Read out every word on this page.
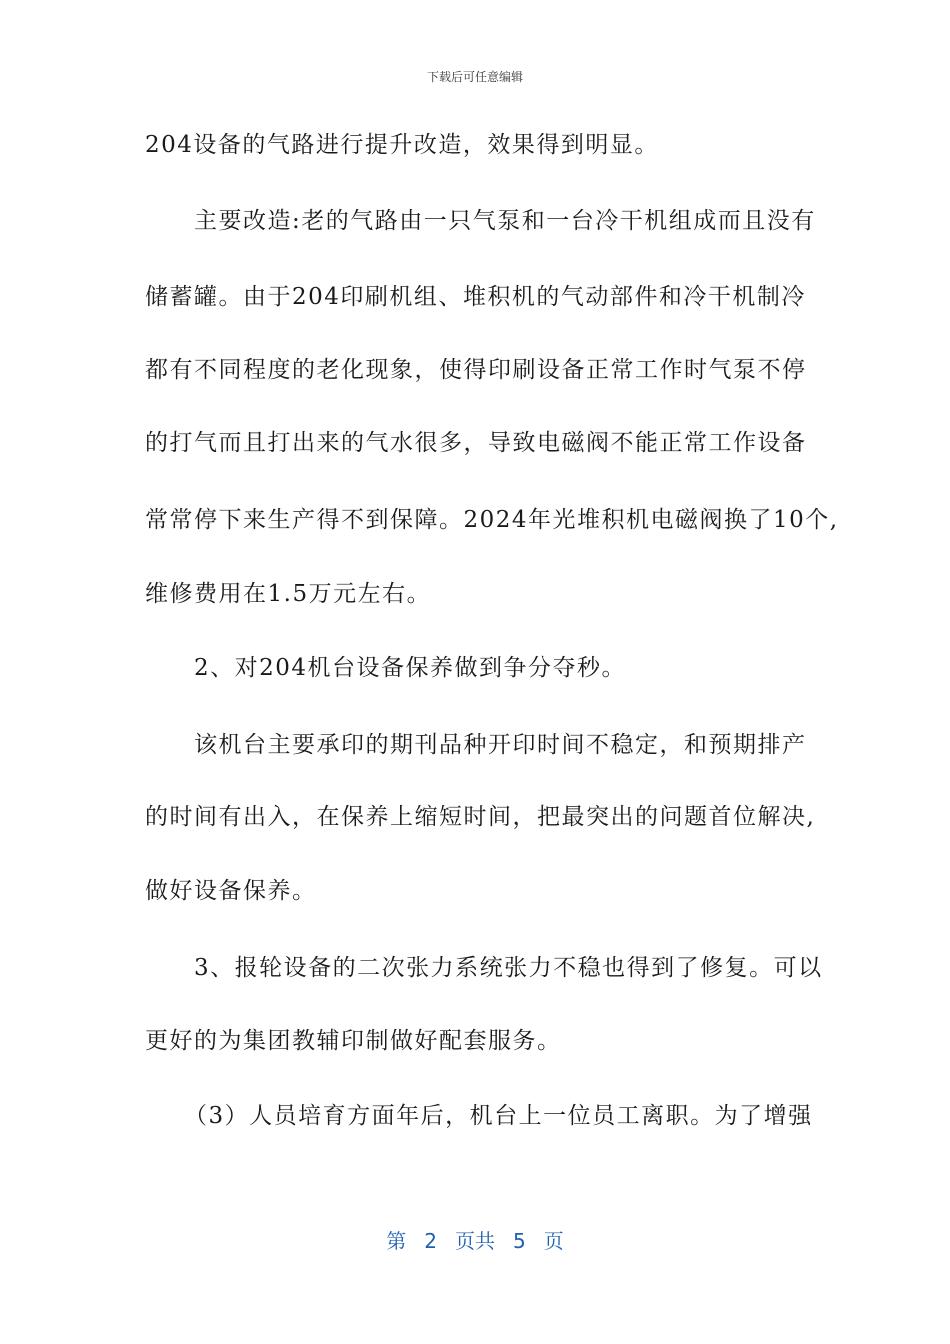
下载后可任意编辑
204设备的气路进行提升改造，效果得到明显。
主要改造:老的气路由一只气泵和一台冷干机组成而且没有
储蓄罐。由于204印刷机组、堆积机的气动部件和冷干机制冷
都有不同程度的老化现象，使得印刷设备正常工作时气泵不停
的打气而且打出来的气水很多，导致电磁阀不能正常工作设备
常常停下来生产得不到保障。2024年光堆积机电磁阀换了10个,
维修费用在1.5万元左右。
2、对204机台设备保养做到争分夺秒。
该机台主要承印的期刊品种开印时间不稳定，和预期排产
的时间有出入，在保养上缩短时间，把最突出的问题首位解决,
做好设备保养。
3、报轮设备的二次张力系统张力不稳也得到了修复。可以
更好的为集团教辅印制做好配套服务。
（3）人员培育方面年后，机台上一位员工离职。为了增强
第 2 页共 5 页
